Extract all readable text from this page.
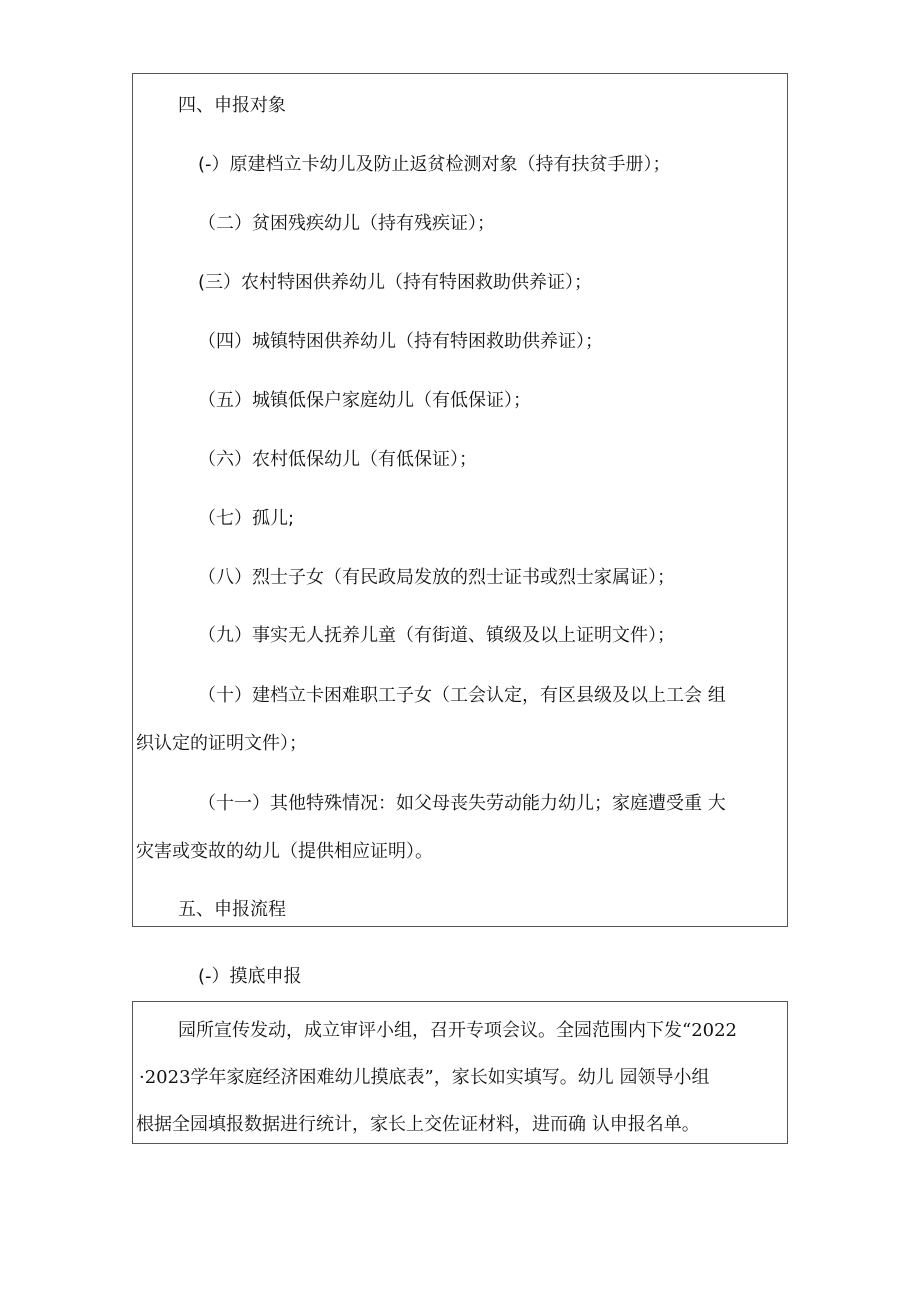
四、申报对象
(-）原建档立卡幼儿及防止返贫检测对象（持有扶贫手册）；
（二）贫困残疾幼儿（持有残疾证）；
(三）农村特困供养幼儿（持有特困救助供养证）；
（四）城镇特困供养幼儿（持有特困救助供养证）；
（五）城镇低保户家庭幼儿（有低保证）；
（六）农村低保幼儿（有低保证）；
（七）孤儿;
（八）烈士子女（有民政局发放的烈士证书或烈士家属证）；
（九）事实无人抚养儿童（有街道、镇级及以上证明文件）；
（十）建档立卡困难职工子女（工会认定，有区县级及以上工会 组
织认定的证明文件）；
（十一）其他特殊情况：如父母丧失劳动能力幼儿；家庭遭受重 大
灾害或变故的幼儿（提供相应证明）。
五、申报流程
(-）摸底申报
园所宣传发动，成立审评小组，召开专项会议。全园范围内下发“2022
·2023学年家庭经济困难幼儿摸底表”，家长如实填写。幼儿 园领导小组
根据全园填报数据进行统计，家长上交佐证材料，进而确 认申报名单。
